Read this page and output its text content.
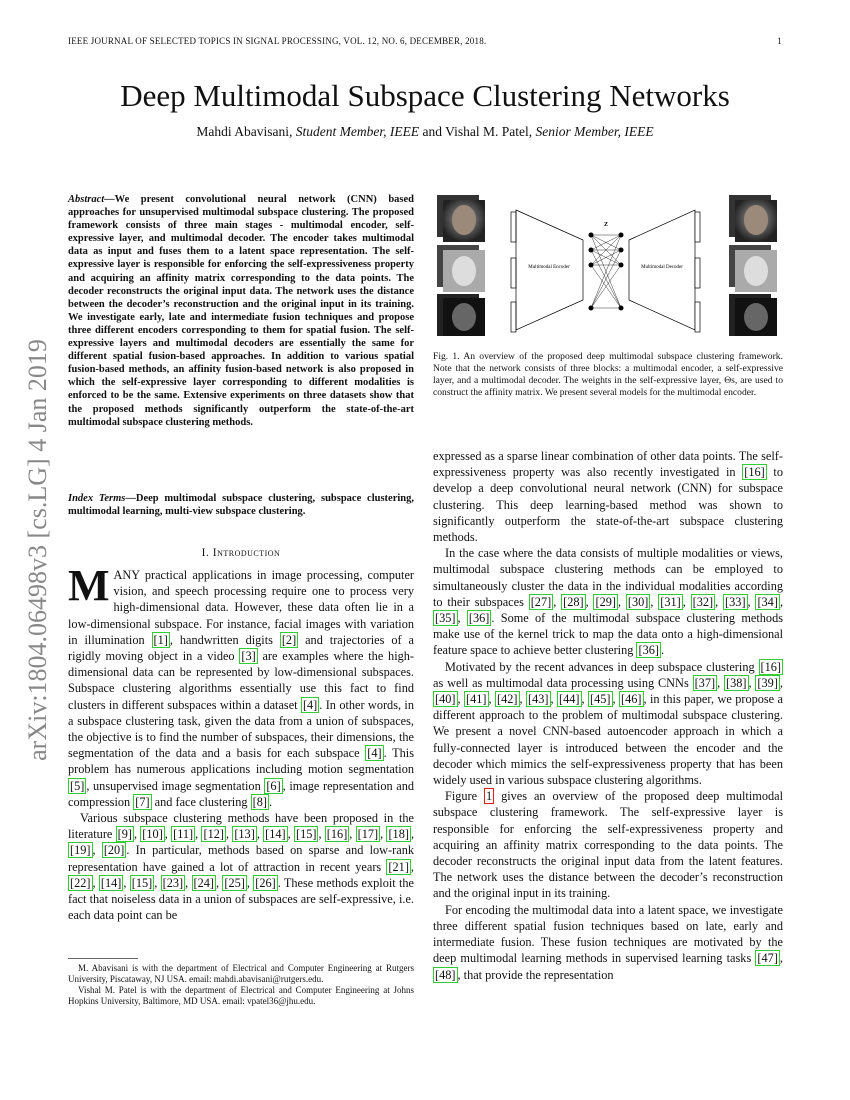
IEEE JOURNAL OF SELECTED TOPICS IN SIGNAL PROCESSING, VOL. 12, NO. 6, DECEMBER, 2018.	1
arXiv:1804.06498v3 [cs.LG] 4 Jan 2019
Deep Multimodal Subspace Clustering Networks
Mahdi Abavisani, Student Member, IEEE and Vishal M. Patel, Senior Member, IEEE
Abstract—We present convolutional neural network (CNN) based approaches for unsupervised multimodal subspace clustering. The proposed framework consists of three main stages - multimodal encoder, self-expressive layer, and multimodal decoder. The encoder takes multimodal data as input and fuses them to a latent space representation. The self-expressive layer is responsible for enforcing the self-expressiveness property and acquiring an affinity matrix corresponding to the data points. The decoder reconstructs the original input data. The network uses the distance between the decoder’s reconstruction and the original input in its training. We investigate early, late and intermediate fusion techniques and propose three different encoders corresponding to them for spatial fusion. The self-expressive layers and multimodal decoders are essentially the same for different spatial fusion-based approaches. In addition to various spatial fusion-based methods, an affinity fusion-based network is also proposed in which the self-expressive layer corresponding to different modalities is enforced to be the same. Extensive experiments on three datasets show that the proposed methods significantly outperform the state-of-the-art multimodal subspace clustering methods.
Index Terms—Deep multimodal subspace clustering, subspace clustering, multimodal learning, multi-view subspace clustering.
I. Introduction

MANY practical applications in image processing, computer vision, and speech processing require one to process very high-dimensional data. However, these data often lie in a low-dimensional subspace. For instance, facial images with variation in illumination [1] , handwritten digits [2] and trajectories of a rigidly moving object in a video [3] are examples where the high-dimensional data can be represented by low-dimensional subspaces. Subspace clustering algorithms essentially use this fact to find clusters in different subspaces within a dataset [4] . In other words, in a subspace clustering task, given the data from a union of subspaces, the objective is to find the number of subspaces, their dimensions, the segmentation of the data and a basis for each subspace [4] . This problem has numerous applications including motion segmentation [5] , unsupervised image segmentation [6] , image representation and compression [7] and face clustering [8] .

Various subspace clustering methods have been proposed in the literature [9] , [10] , [11] , [12] , [13] , [14] , [15] , [16] , [17] , [18] , [19] , [20] . In particular, methods based on sparse and low-rank representation have gained a lot of attraction in recent years [21] , [22] , [14] , [15] , [23] , [24] , [25] , [26] . These methods exploit the fact that noiseless data in a union of subspaces are self-expressive, i.e. each data point can be

M. Abavisani is with the department of Electrical and Computer Engineering at Rutgers University, Piscataway, NJ USA. email: mahdi.abavisani@rutgers.edu.

Vishal M. Patel is with the department of Electrical and Computer Engineering at Johns Hopkins University, Baltimore, MD USA. email: vpatel36@jhu.edu.

Multimodal Encoder
Z
Multimodal Decoder
Fig. 1. An overview of the proposed deep multimodal subspace clustering framework. Note that the network consists of three blocks: a multimodal encoder, a self-expressive layer, and a multimodal decoder. The weights in the self-expressive layer, Θs, are used to construct the affinity matrix. We present several models for the multimodal encoder.

expressed as a sparse linear combination of other data points. The self-expressiveness property was also recently investigated in [16] to develop a deep convolutional neural network (CNN) for subspace clustering. This deep learning-based method was shown to significantly outperform the state-of-the-art subspace clustering methods.

In the case where the data consists of multiple modalities or views, multimodal subspace clustering methods can be employed to simultaneously cluster the data in the individual modalities according to their subspaces [27] , [28] , [29] , [30] , [31] , [32] , [33] , [34] , [35] , [36] . Some of the multimodal subspace clustering methods make use of the kernel trick to map the data onto a high-dimensional feature space to achieve better clustering [36] .

Motivated by the recent advances in deep subspace clustering [16] as well as multimodal data processing using CNNs [37] , [38] , [39] , [40] , [41] , [42] , [43] , [44] , [45] , [46] , in this paper, we propose a different approach to the problem of multimodal subspace clustering. We present a novel CNN-based autoencoder approach in which a fully-connected layer is introduced between the encoder and the decoder which mimics the self-expressiveness property that has been widely used in various subspace clustering algorithms.

Figure 1 gives an overview of the proposed deep multimodal subspace clustering framework. The self-expressive layer is responsible for enforcing the self-expressiveness property and acquiring an affinity matrix corresponding to the data points. The decoder reconstructs the original input data from the latent features. The network uses the distance between the decoder’s reconstruction and the original input in its training.

For encoding the multimodal data into a latent space, we investigate three different spatial fusion techniques based on late, early and intermediate fusion. These fusion techniques are motivated by the deep multimodal learning methods in supervised learning tasks [47] , [48] , that provide the representation
